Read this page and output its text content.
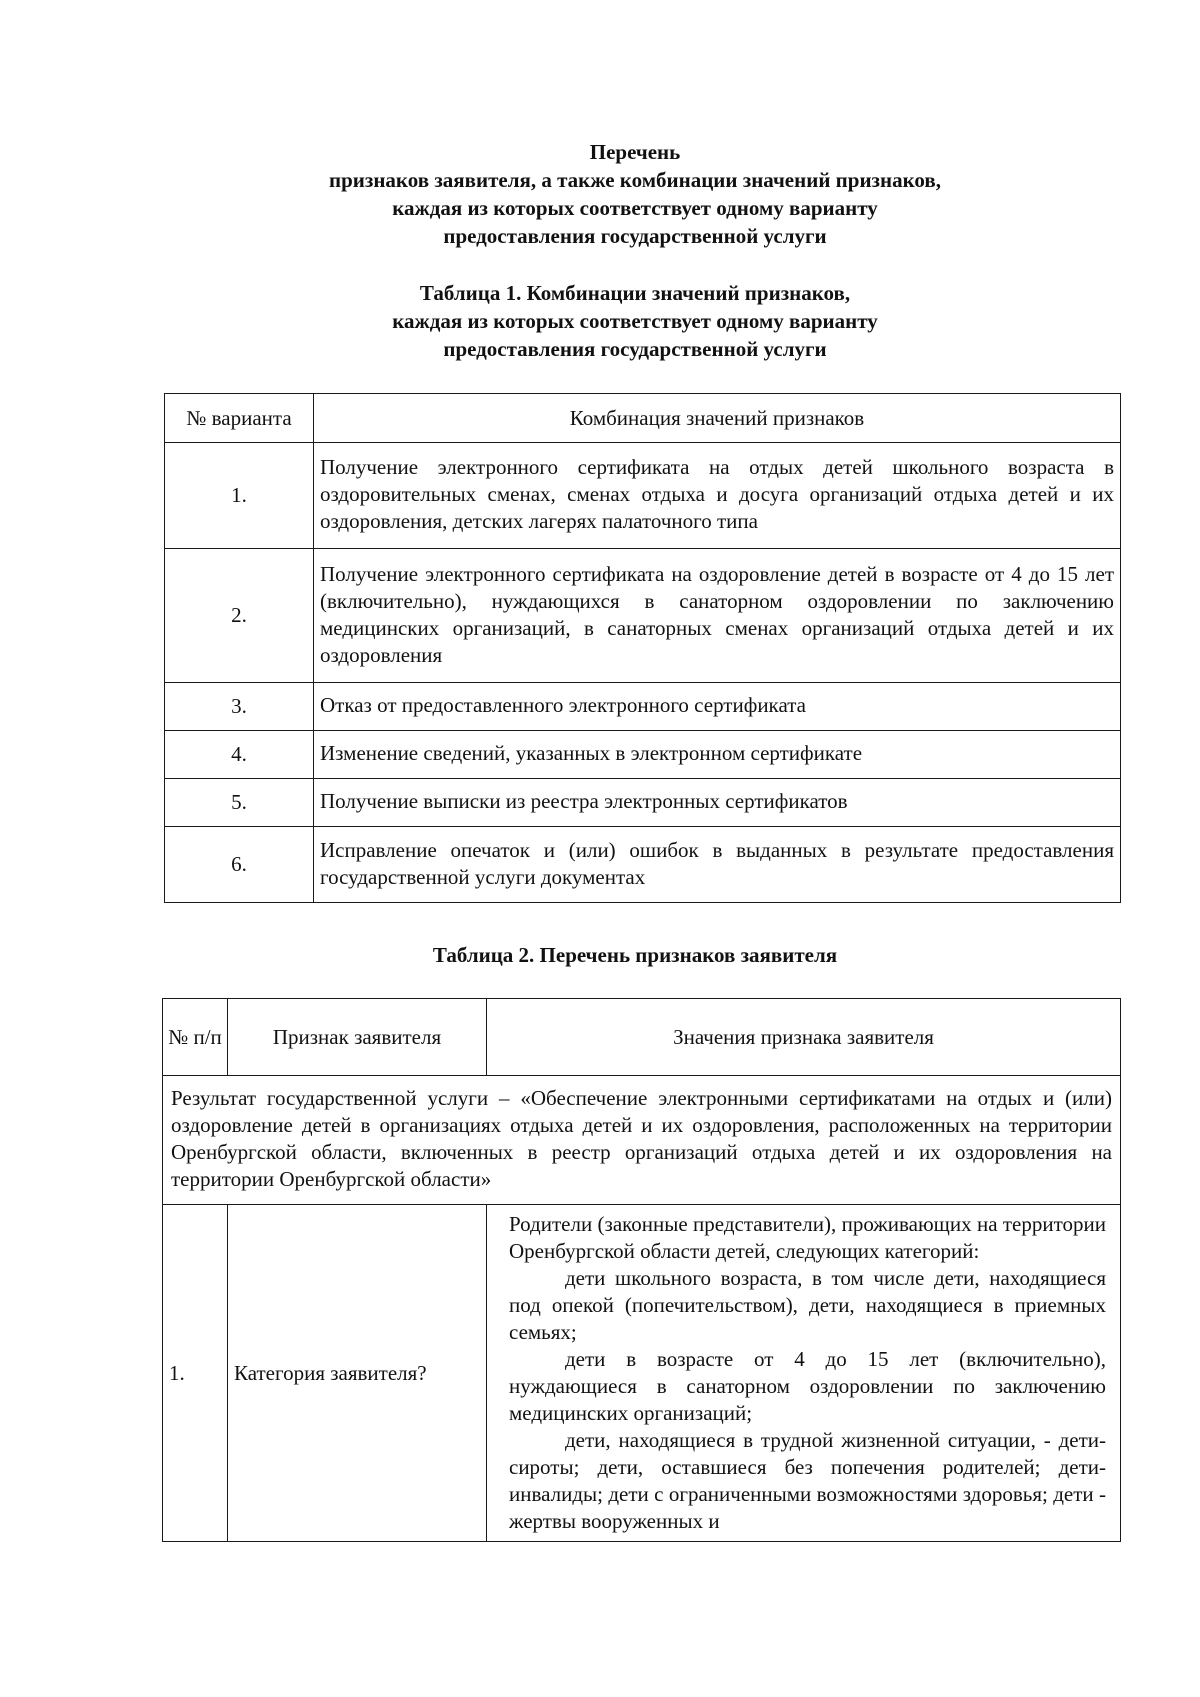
Перечень
признаков заявителя, а также комбинации значений признаков,
каждая из которых соответствует одному варианту
предоставления государственной услуги
Таблица 1. Комбинации значений признаков,
каждая из которых соответствует одному варианту
предоставления государственной услуги
№ варианта	Комбинация значений признаков
1.	Получение электронного сертификата на отдых детей школьного возраста в оздоровительных сменах, сменах отдыха и досуга организаций отдыха детей и их оздоровления, детских лагерях палаточного типа
2.	Получение электронного сертификата на оздоровление детей в возрасте от 4 до 15 лет (включительно), нуждающихся в санаторном оздоровлении по заключению медицинских организаций, в санаторных сменах организаций отдыха детей и их оздоровления
3.	Отказ от предоставленного электронного сертификата
4.	Изменение сведений, указанных в электронном сертификате
5.	Получение выписки из реестра электронных сертификатов
6.	Исправление опечаток и (или) ошибок в выданных в результате предоставления государственной услуги документах
Таблица 2. Перечень признаков заявителя
№ п/п	Признак заявителя	Значения признака заявителя
Результат государственной услуги – «Обеспечение электронными сертификатами на отдых и (или) оздоровление детей в организациях отдыха детей и их оздоровления, расположенных на территории Оренбургской области, включенных в реестр организаций отдыха детей и их оздоровления на территории Оренбургской области»		
1.	Категория заявителя?	Родители (законные представители), проживающих на территории Оренбургской области детей, следующих категорий:

дети школьного возраста, в том числе дети, находящиеся под опекой (попечительством), дети, находящиеся в приемных семьях;

дети в возрасте от 4 до 15 лет (включительно), нуждающиеся в санаторном оздоровлении по заключению медицинских организаций;

дети, находящиеся в трудной жизненной ситуации, - дети-сироты; дети, оставшиеся без попечения родителей; дети-инвалиды; дети с ограниченными возможностями здоровья; дети - жертвы вооруженных и
